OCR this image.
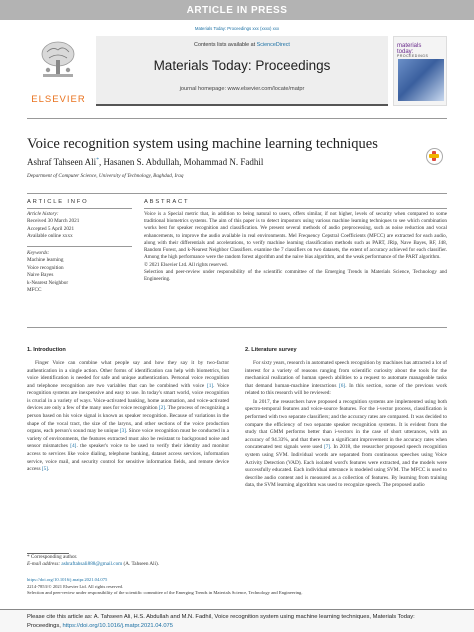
ARTICLE IN PRESS
Materials Today: Proceedings xxx (xxxx) xxx
ELSEVIER
Contents lists available at ScienceDirect
Materials Today: Proceedings
journal homepage: www.elsevier.com/locate/matpr
materials
today:
PROCEEDINGS
Voice recognition system using machine learning techniques
Ashraf Tahseen Ali*, Hasanen S. Abdullah, Mohammad N. Fadhil
Department of Computer Science, University of Technology, Baghdad, Iraq
ARTICLE INFO	ABSTRACT
Article history:
Received 30 March 2021
Accepted 5 April 2021
Available online xxxx
Keywords:
Machine learning
Voice recognition
Naive Bayes
k-Nearest Neighbor
MFCC

Voice is a Special metric that, in addition to being natural to users, offers similar, if not higher, levels of security when compared to some traditional biometrics systems. The aim of this paper is to detect impostors using various machine learning techniques to see which combination works best for speaker recognition and classification. We present several methods of audio preprocessing, such as noise reduction and vocal enhancements, to improve the audio available in real environments. Mel Frequency Cepstral Coefficients (MFCC) are extracted for each audio, along with their differentials and accelerations, to verify machine learning classification methods such as PART, JRip, Nave Bayes, RF, J48, Random Forest, and k-Nearest Neighbor Classifiers. examine the 7 classifiers on two datasets, the extent of accuracy achieved for each classifier. Among the high performance were the random forest algorithm and the naive bias algorithm, and the weak performance of the PART algorithm.

© 2021 Elsevier Ltd. All rights reserved.

Selection and peer-review under responsibility of the scientific committee of the Emerging Trends in Materials Science, Technology and Engineering.

1. Introduction

Finger Voice can combine what people say and how they say it by two-factor authentication in a single action. Other forms of identification can help with biometrics, but voice identification is needed for safe and unique authentication. Personal voice recognition and telephone recognition are two variables that can be combined with voice [1]. Voice recognition systems are inexpensive and easy to use. In today's smart world, voice recognition is crucial in a variety of ways. Voice-activated banking, home automation, and voice-activated devices are only a few of the many uses for voice recognition [2]. The process of recognizing a person based on his voice signal is known as speaker recognition. Because of variations in the shape of the vocal tract, the size of the larynx, and other sections of the voice production organs, each person's sound may be unique [3]. Since voice recognition must be conducted in a variety of environments, the features extracted must also be resistant to background noise and sensor mismatches [4]. the speaker's voice to be used to verify their identity and monitor access to services like voice dialing, telephone banking, dataset access services, information service, voice mail, and security control for sensitive information fields, and remote device access [5].

2. Literature survey

For sixty years, research in automated speech recognition by machines has attracted a lot of interest for a variety of reasons ranging from scientific curiosity about the tools for the mechanical realization of human speech abilities to a request to automate manageable tasks that demand human-machine interactions [6]. In this section, some of the previous work related to this research will be reviewed:

In 2017, the researchers have proposed a recognition systems are implemented using both spectro-temporal features and voice-source features. For the i-vector process, classification is performed with two separate classifiers; and the accuracy rates are compared. It was decided to compare the efficiency of two separate speaker recognition systems. It is evident from the study that GMM performs better than i-vectors in the case of short utterances, with an accuracy of 94.33%, and that there was a significant improvement in the accuracy rates when concatenated test signals were used [7]. In 2018, the researcher proposed speech recognition system using SVM. Individual words are separated from continuous speeches using Voice Activity Detection (VAD). Each isolated word's features were extracted, and the models were successfully educated. Each individual utterance is modeled using SVM. The MFCC is used to describe audio content and is measured as a collection of features. By learning from training data, the SVM learning algorithm was used to recognize speech. The proposed audio

* Corresponding author.
E-mail address: ashraftahsali888@gmail.com (A. Tahseen Ali).
https://doi.org/10.1016/j.matpr.2021.04.075
2214-7853/© 2021 Elsevier Ltd. All rights reserved.
Selection and peer-review under responsibility of the scientific committee of the Emerging Trends in Materials Science, Technology and Engineering.
Please cite this article as: A. Tahseen Ali, H.S. Abdullah and M.N. Fadhil, Voice recognition system using machine learning techniques, Materials Today: Proceedings, https://doi.org/10.1016/j.matpr.2021.04.075
